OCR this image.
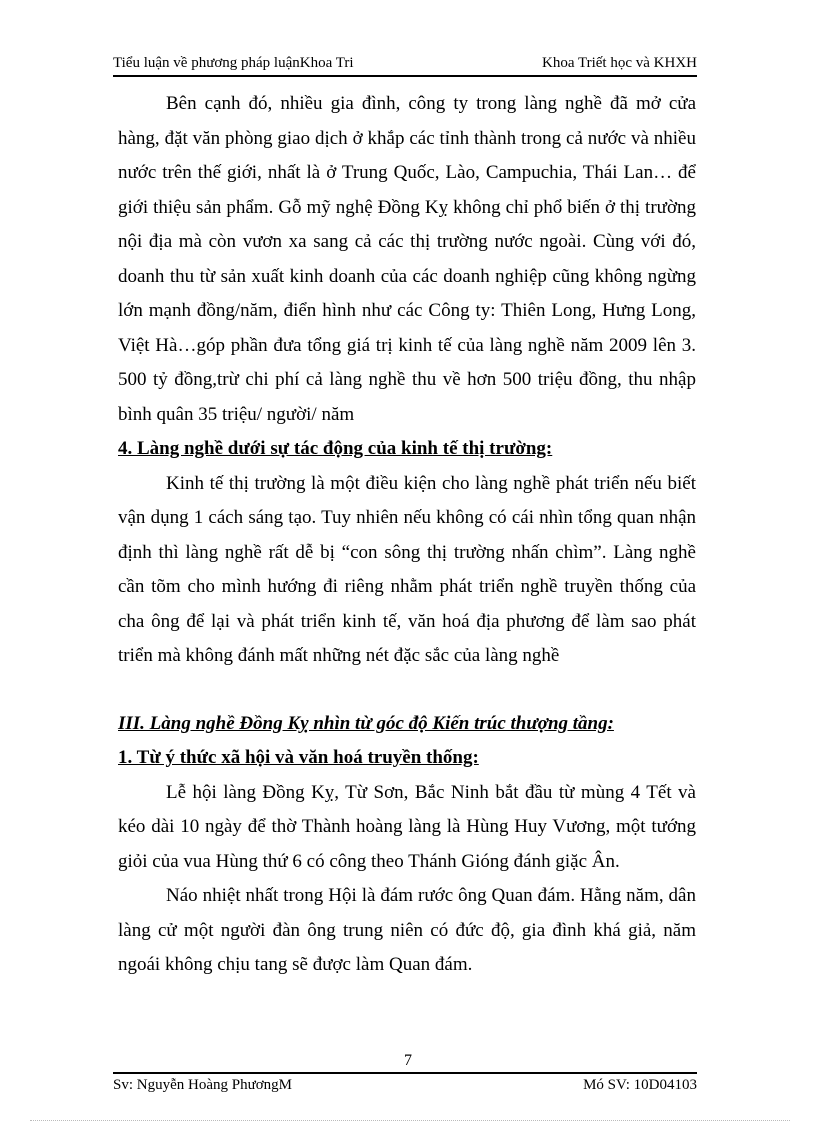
Tiểu luận về phương pháp luậnKhoa Tri	Khoa Triết học và KHXH

Bên cạnh đó, nhiều gia đình, công ty trong làng nghề đã mở cửa hàng, đặt văn phòng giao dịch ở khắp các tỉnh thành trong cả nước và nhiều nước trên thế giới, nhất là ở Trung Quốc, Lào, Campuchia, Thái Lan… để giới thiệu sản phẩm. Gỗ mỹ nghệ Đồng Kỵ không chỉ phổ biến ở thị trường nội địa mà còn vươn xa sang cả các thị trường nước ngoài. Cùng với đó, doanh thu từ sản xuất kinh doanh của các doanh nghiệp cũng không ngừng lớn mạnh đồng/năm, điển hình như các Công ty: Thiên Long, Hưng Long, Việt Hà…góp phần đưa tổng giá trị kinh tế của làng nghề năm 2009 lên 3. 500 tỷ đồng,trừ chi phí cả làng nghề thu về hơn 500 triệu đồng, thu nhập bình quân 35 triệu/ người/ năm

4. Làng nghề dưới sự tác động của kinh tế thị trường:

Kinh tế thị trường là một điều kiện cho làng nghề phát triển nếu biết vận dụng 1 cách sáng tạo. Tuy nhiên nếu không có cái nhìn tổng quan nhận định thì làng nghề rất dễ bị “con sông thị trường nhấn chìm”. Làng nghề cần tõm cho mình hướng đi riêng nhằm phát triển nghề truyền thống của cha ông để lại và phát triển kinh tế, văn hoá địa phương để làm sao phát triển mà không đánh mất những nét đặc sắc của làng nghề

III. Làng nghề Đồng Kỵ nhìn từ góc độ Kiến trúc thượng tầng:

1. Từ ý thức xã hội và văn hoá truyền thống:

Lễ hội làng Đồng Kỵ, Từ Sơn, Bắc Ninh bắt đầu từ mùng 4 Tết và kéo dài 10 ngày để thờ Thành hoàng làng là Hùng Huy Vương, một tướng giỏi của vua Hùng thứ 6 có công theo Thánh Gióng đánh giặc Ân.

Náo nhiệt nhất trong Hội là đám rước ông Quan đám. Hằng năm, dân làng cử một người đàn ông trung niên có đức độ, gia đình khá giả, năm ngoái không chịu tang sẽ được làm Quan đám.

7
Sv: Nguyễn Hoàng PhươngM	Mó SV: 10D04103
